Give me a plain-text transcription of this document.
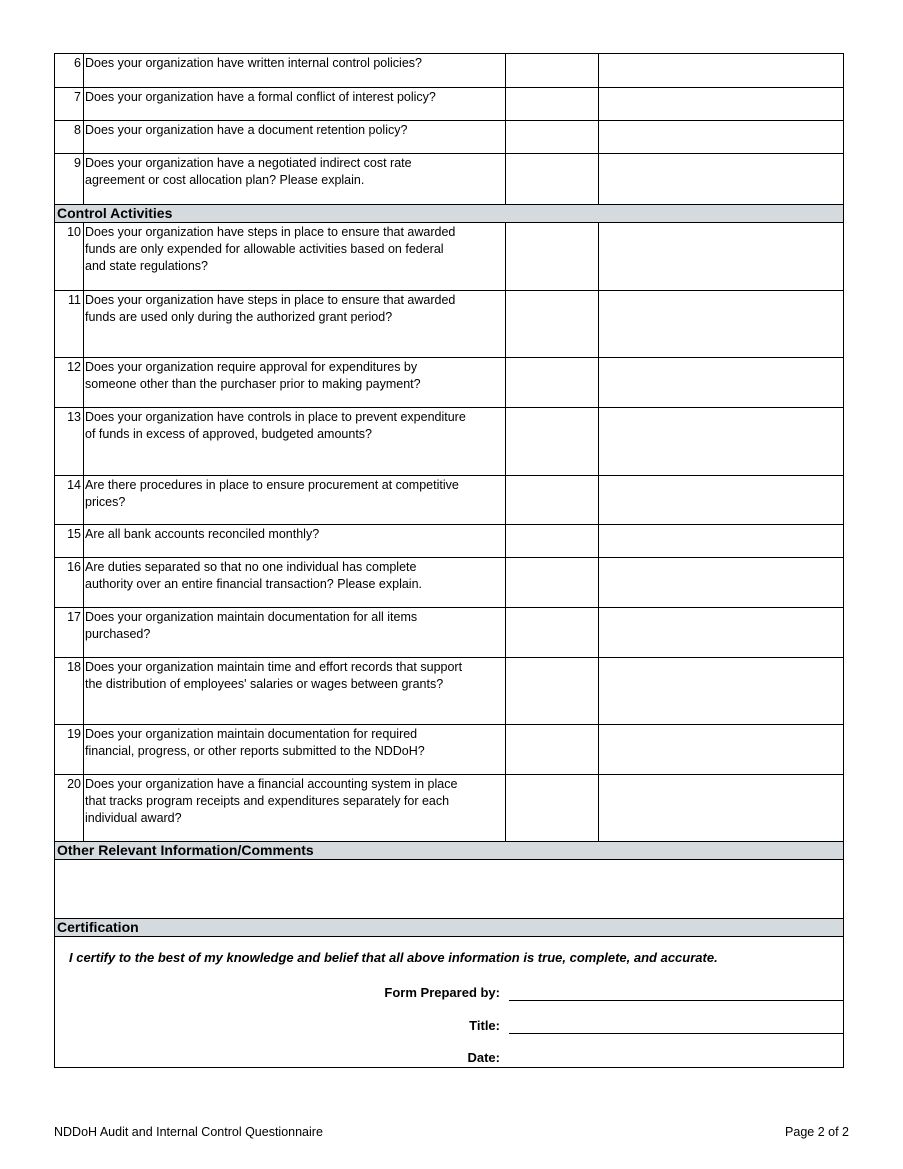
6 Does your organization have written internal control policies?
7 Does your organization have a formal conflict of interest policy?
8 Does your organization have a document retention policy?
9 Does your organization have a negotiated indirect cost rate
agreement or cost allocation plan? Please explain.
Control Activities
10 Does your organization have steps in place to ensure that awarded
funds are only expended for allowable activities based on federal
and state regulations?
11 Does your organization have steps in place to ensure that awarded
funds are used only during the authorized grant period?
12 Does your organization require approval for expenditures by
someone other than the purchaser prior to making payment?
13 Does your organization have controls in place to prevent expenditure
of funds in excess of approved, budgeted amounts?
14 Are there procedures in place to ensure procurement at competitive
prices?
15 Are all bank accounts reconciled monthly?
16 Are duties separated so that no one individual has complete
authority over an entire financial transaction? Please explain.
17 Does your organization maintain documentation for all items
purchased?
18 Does your organization maintain time and effort records that support
the distribution of employees' salaries or wages between grants?
19 Does your organization maintain documentation for required
financial, progress, or other reports submitted to the NDDoH?
20 Does your organization have a financial accounting system in place
that tracks program receipts and expenditures separately for each
individual award?
Other Relevant Information/Comments
Certification
I certify to the best of my knowledge and belief that all above information is true, complete, and accurate.
Form Prepared by:
Title:
Date:
NDDoH Audit and Internal Control Questionnaire	Page 2 of 2
